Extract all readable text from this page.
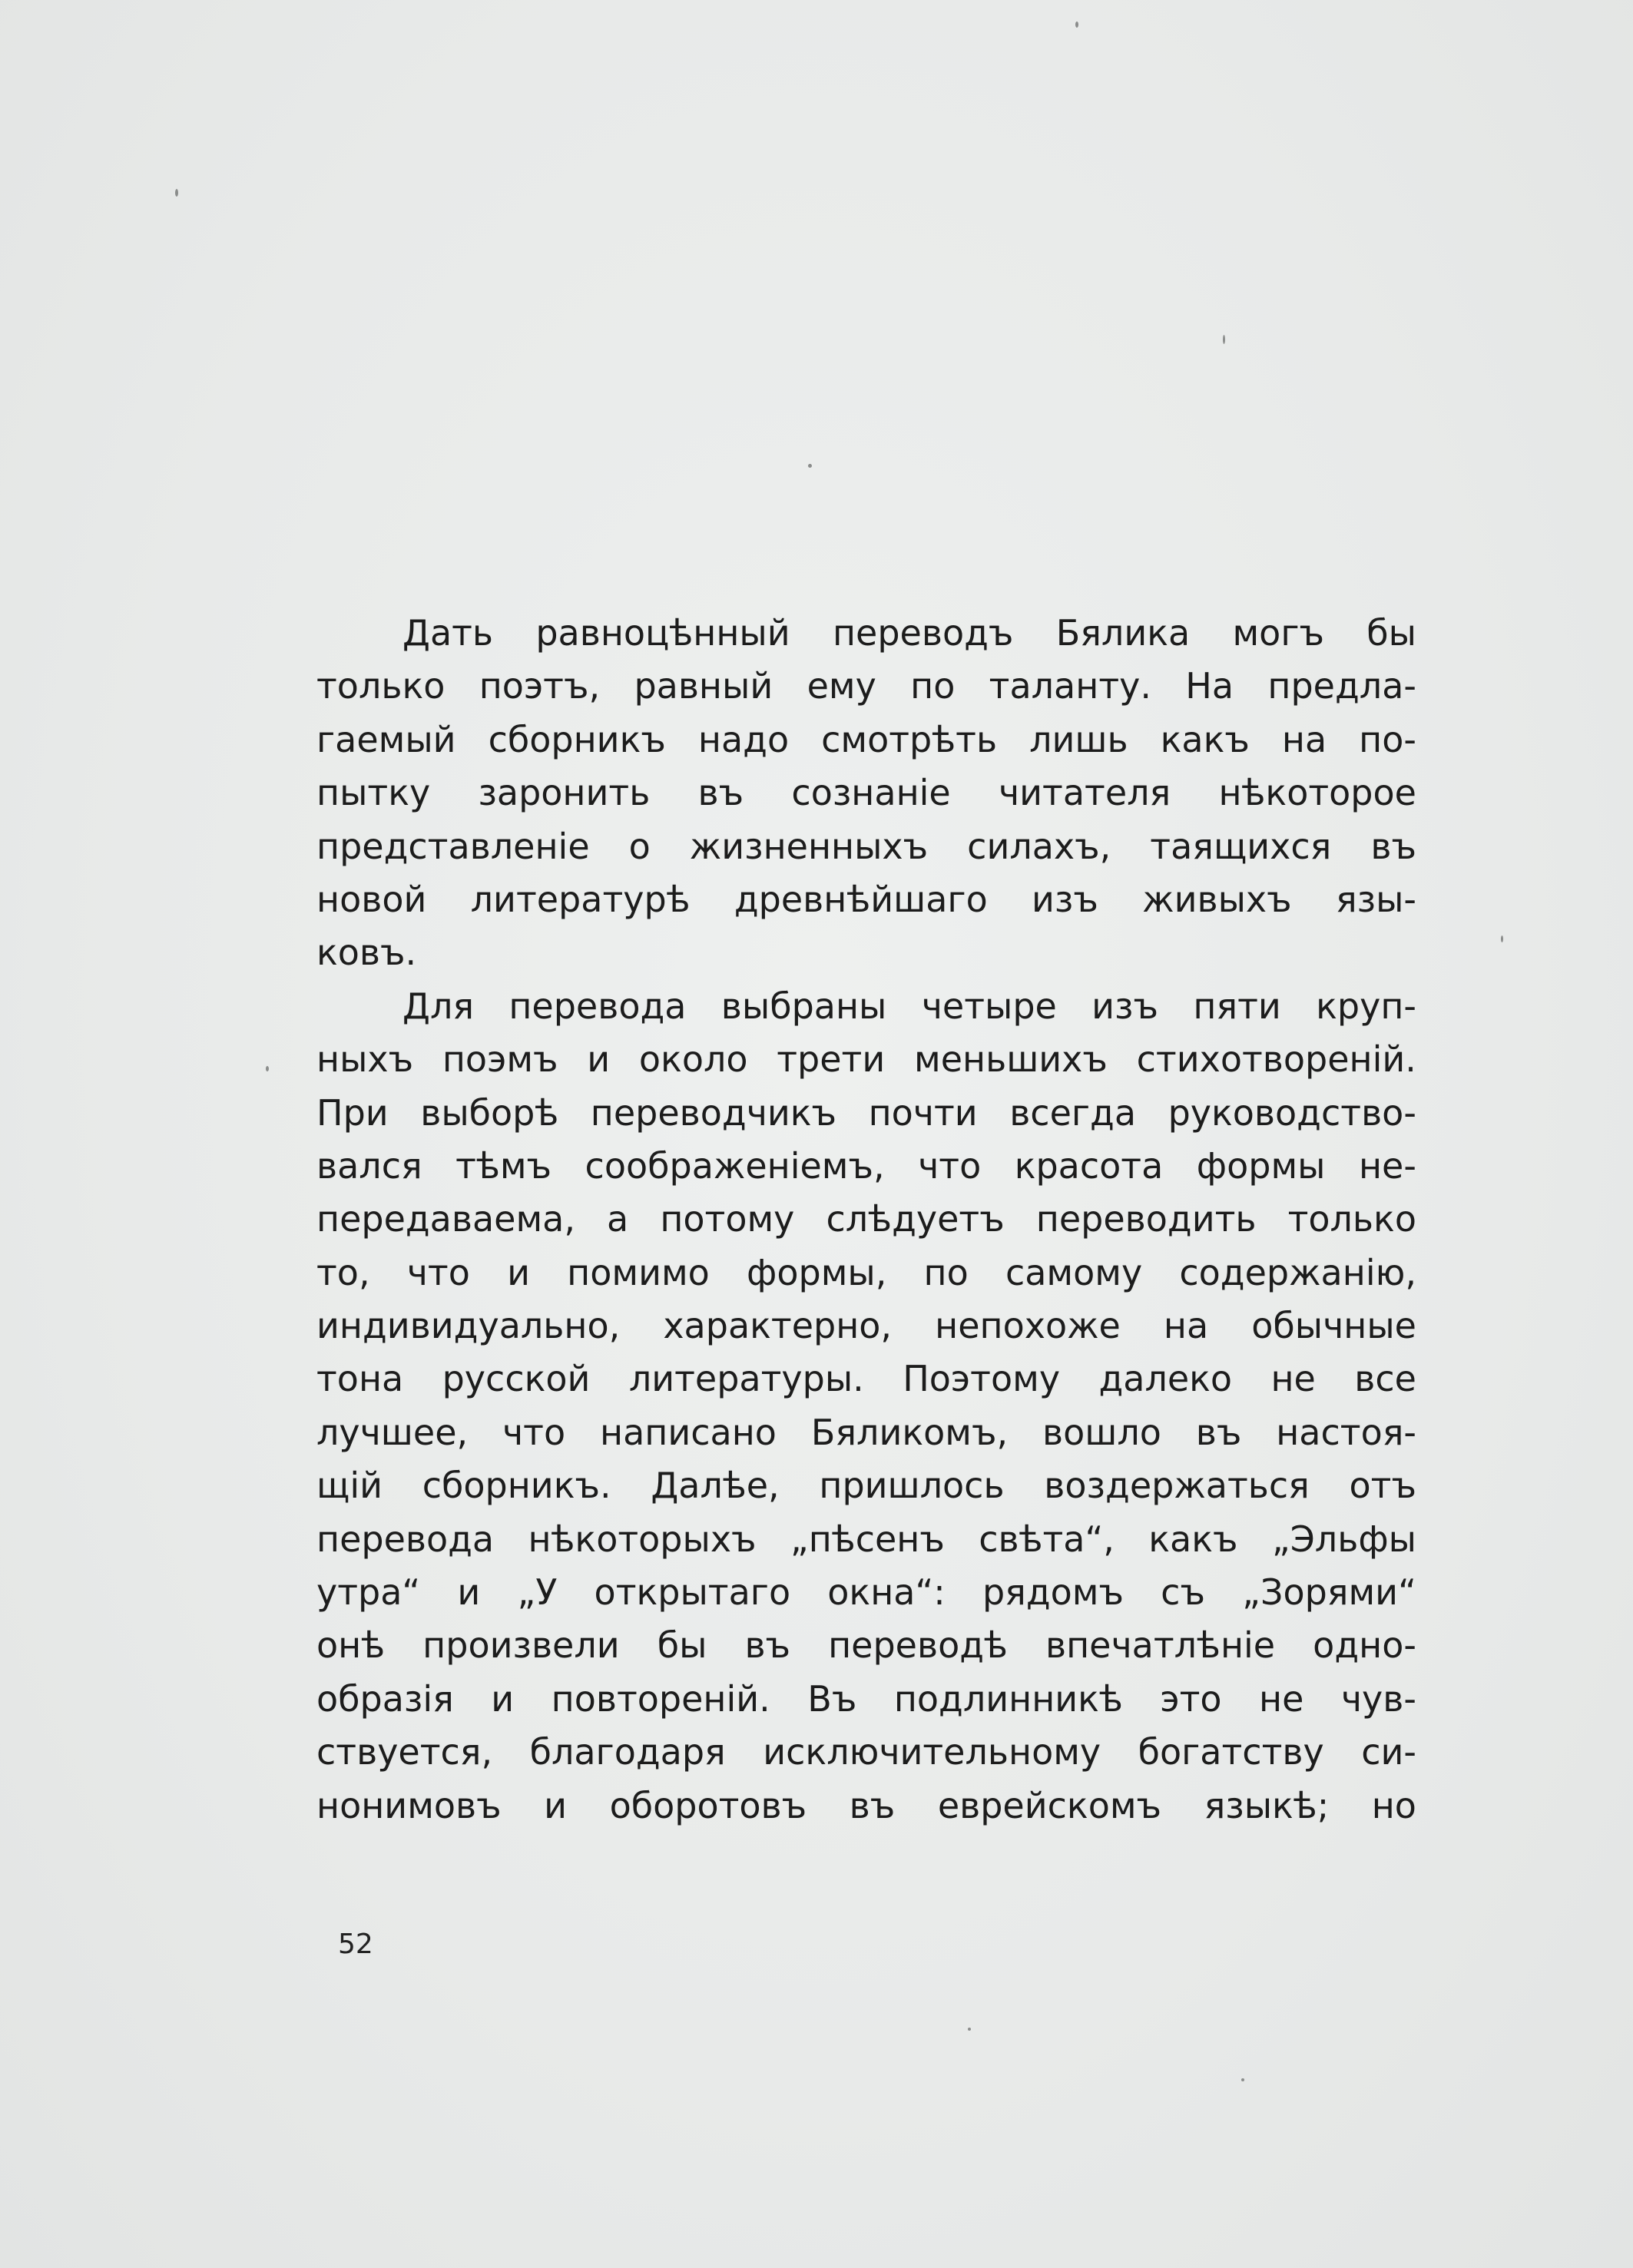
Дать равноцѣнный переводъ Бялика могъ бы
только поэтъ, равный ему по таланту. На предла-
гаемый сборникъ надо смотрѣть лишь какъ на по-
пытку заронить въ сознаніе читателя нѣкоторое
представленіе о жизненныхъ силахъ, таящихся въ
новой литературѣ древнѣйшаго изъ живыхъ язы-
ковъ.
Для перевода выбраны четыре изъ пяти круп-
ныхъ поэмъ и около трети меньшихъ стихотвореній.
При выборѣ переводчикъ почти всегда руководство-
вался тѣмъ соображеніемъ, что красота формы не-
передаваема, а потому слѣдуетъ переводить только
то, что и помимо формы, по самому содержанію,
индивидуально, характерно, непохоже на обычные
тона русской литературы. Поэтому далеко не все
лучшее, что написано Бяликомъ, вошло въ настоя-
щій сборникъ. Далѣе, пришлось воздержаться отъ
перевода нѣкоторыхъ „пѣсенъ свѣта“, какъ „Эльфы
утра“ и „У открытаго окна“: рядомъ съ „Зорями“
онѣ произвели бы въ переводѣ впечатлѣніе одно-
образія и повтореній. Въ подлинникѣ это не чув-
ствуется, благодаря исключительному богатству си-
нонимовъ и оборотовъ въ еврейскомъ языкѣ; но
52
